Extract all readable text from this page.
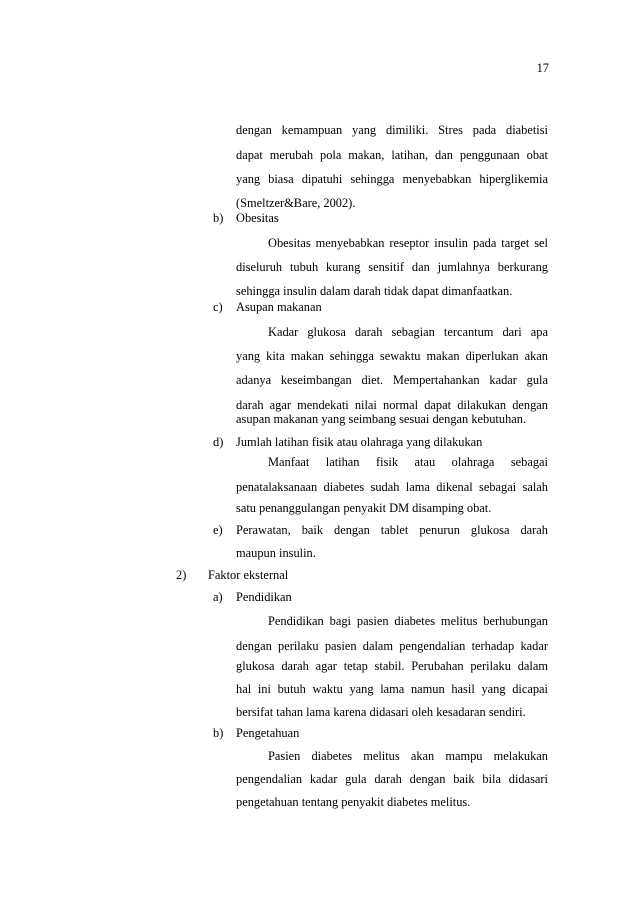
17
dengan kemampuan yang dimiliki. Stres pada diabetisi
dapat merubah pola makan, latihan, dan penggunaan obat
yang biasa dipatuhi sehingga menyebabkan hiperglikemia
(Smeltzer&Bare, 2002).
b) Obesitas
Obesitas menyebabkan reseptor insulin pada target sel
diseluruh tubuh kurang sensitif dan jumlahnya berkurang
sehingga insulin dalam darah tidak dapat dimanfaatkan.
c) Asupan makanan
Kadar glukosa darah sebagian tercantum dari apa
yang kita makan sehingga sewaktu makan diperlukan akan
adanya keseimbangan diet. Mempertahankan kadar gula
darah agar mendekati nilai normal dapat dilakukan dengan
asupan makanan yang seimbang sesuai dengan kebutuhan.
d) Jumlah latihan fisik atau olahraga yang dilakukan
Manfaat latihan fisik atau olahraga sebagai
penatalaksanaan diabetes sudah lama dikenal sebagai salah
satu penanggulangan penyakit DM disamping obat.
e) Perawatan, baik dengan tablet penurun glukosa darah
maupun insulin.
2) Faktor eksternal
a) Pendidikan
Pendidikan bagi pasien diabetes melitus berhubungan
dengan perilaku pasien dalam pengendalian terhadap kadar
glukosa darah agar tetap stabil. Perubahan perilaku dalam
hal ini butuh waktu yang lama namun hasil yang dicapai
bersifat tahan lama karena didasari oleh kesadaran sendiri.
b) Pengetahuan
Pasien diabetes melitus akan mampu melakukan
pengendalian kadar gula darah dengan baik bila didasari
pengetahuan tentang penyakit diabetes melitus.
